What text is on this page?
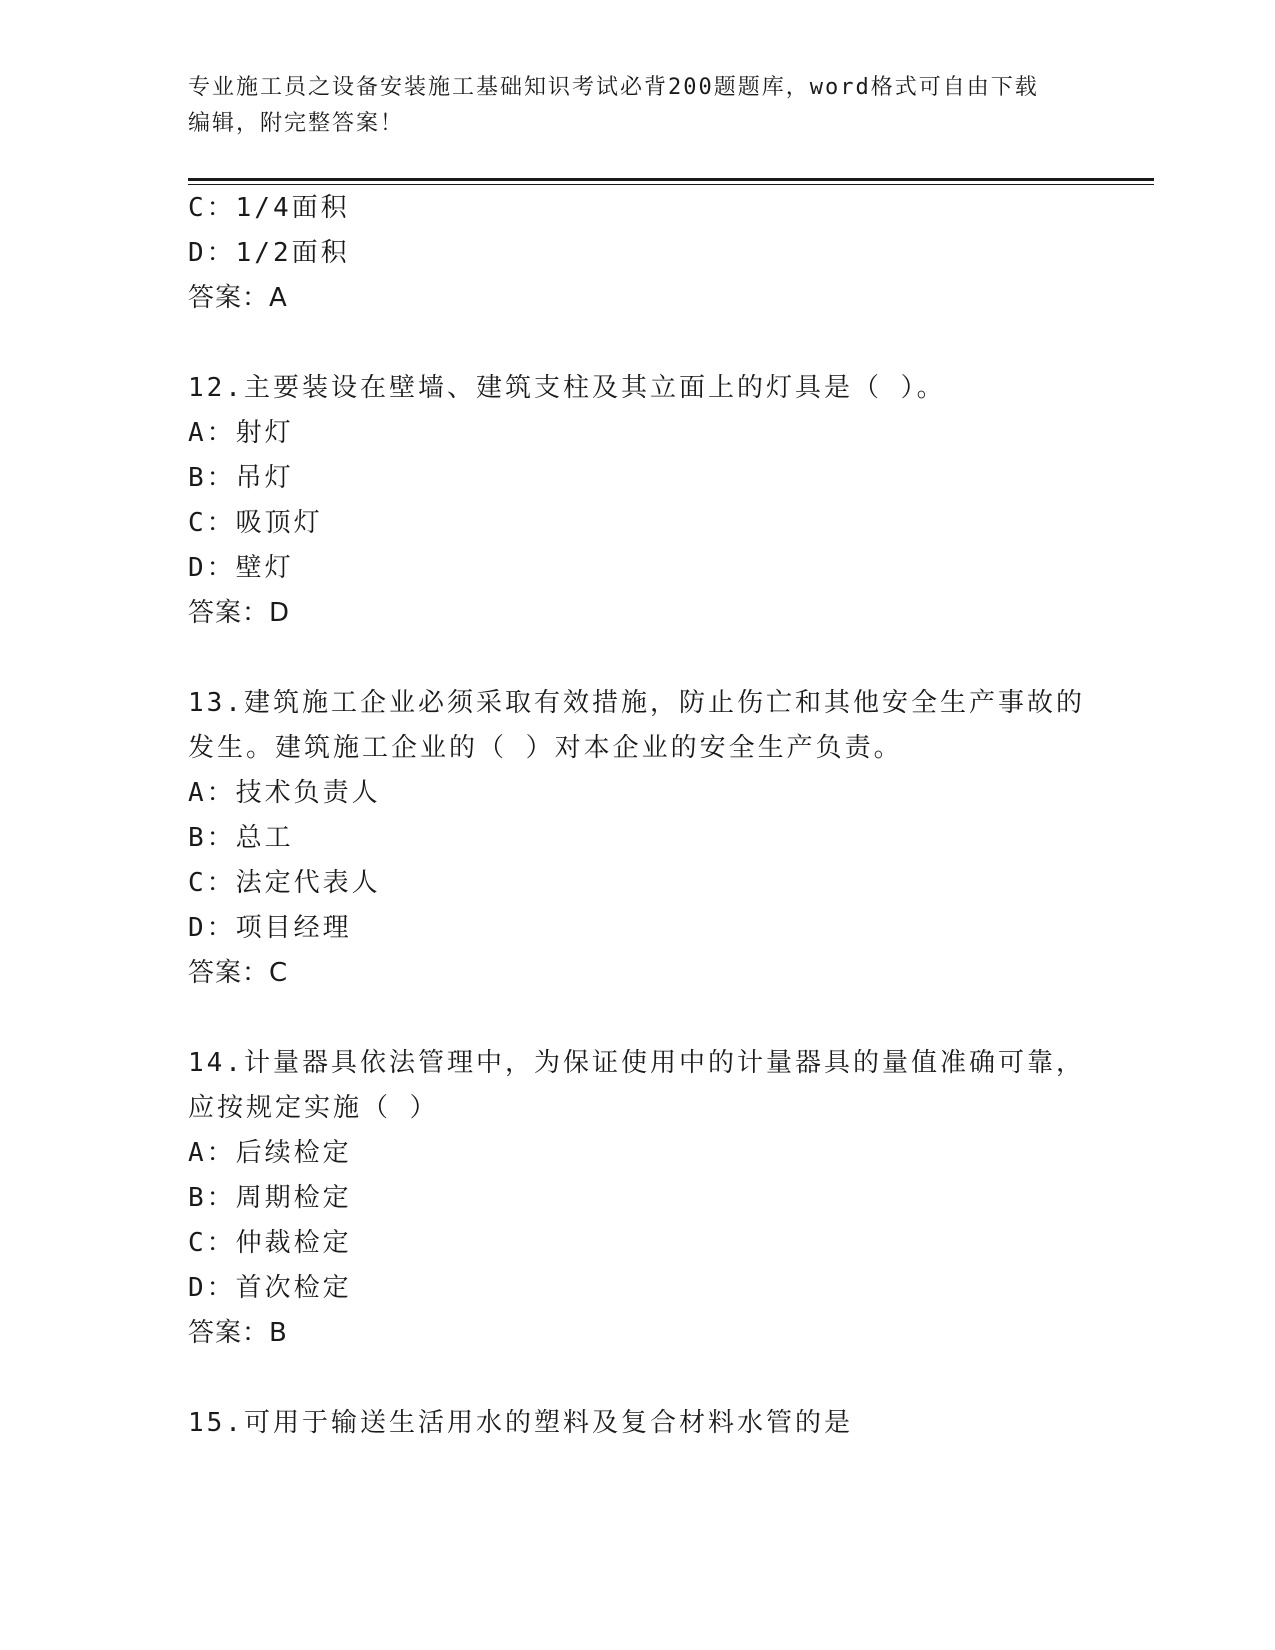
专业施工员之设备安装施工基础知识考试必背200题题库，word格式可自由下载
编辑，附完整答案！
C：1/4面积
D：1/2面积
答案：A
12.主要装设在壁墙、建筑支柱及其立面上的灯具是（ ）。
A：射灯
B：吊灯
C：吸顶灯
D：壁灯
答案：D
13.建筑施工企业必须采取有效措施，防止伤亡和其他安全生产事故的
发生。建筑施工企业的（ ）对本企业的安全生产负责。
A：技术负责人
B：总工
C：法定代表人
D：项目经理
答案：C
14.计量器具依法管理中，为保证使用中的计量器具的量值准确可靠，
应按规定实施（ ）
A：后续检定
B：周期检定
C：仲裁检定
D：首次检定
答案：B
15.可用于输送生活用水的塑料及复合材料水管的是
